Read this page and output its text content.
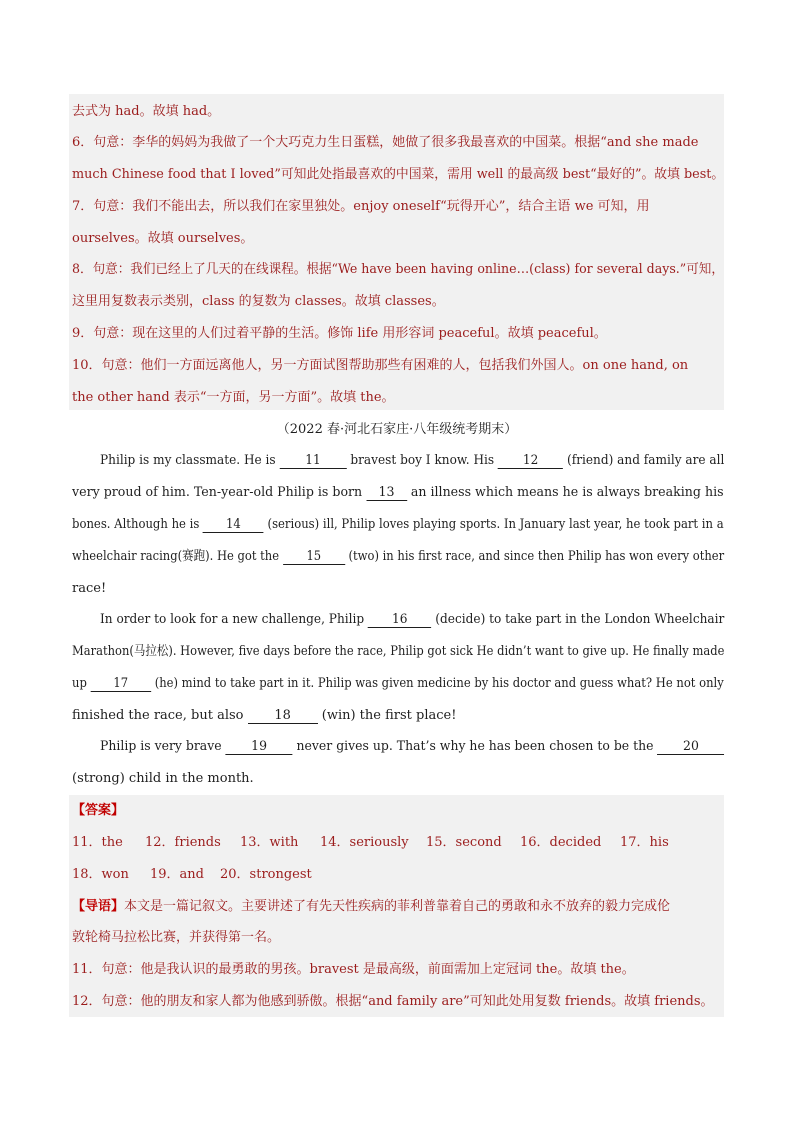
去式为 had。故填 had。
6．句意：李华的妈妈为我做了一个大巧克力生日蛋糕，她做了很多我最喜欢的中国菜。根据“and she made
much Chinese food that I loved”可知此处指最喜欢的中国菜，需用 well 的最高级 best“最好的”。故填 best。
7．句意：我们不能出去，所以我们在家里独处。enjoy oneself“玩得开心”，结合主语 we 可知，用
ourselves。故填 ourselves。
8．句意：我们已经上了几天的在线课程。根据“We have been having online…(class) for several days.”可知，
这里用复数表示类别，class 的复数为 classes。故填 classes。
9．句意：现在这里的人们过着平静的生活。修饰 life 用形容词 peaceful。故填 peaceful。
10．句意：他们一方面远离他人，另一方面试图帮助那些有困难的人，包括我们外国人。on one hand, on
the other hand 表示“一方面，另一方面”。故填 the。
（2022 春·河北石家庄·八年级统考期末）
Philip is my classmate. He is 11 bravest boy I know. His 12 (friend) and family are all
very proud of him. Ten-year-old Philip is born 13 an illness which means he is always breaking his
bones. Although he is 14 (serious) ill, Philip loves playing sports. In January last year, he took part in a
wheelchair racing(赛跑). He got the 15 (two) in his first race, and since then Philip has won every other
race!
In order to look for a new challenge, Philip 16 (decide) to take part in the London Wheelchair
Marathon(马拉松). However, five days before the race, Philip got sick He didn’t want to give up. He finally made
up 17 (he) mind to take part in it. Philip was given medicine by his doctor and guess what? He not only
finished the race, but also 18 (win) the first place!
Philip is very brave 19 never gives up. That’s why he has been chosen to be the 20
(strong) child in the month.
【答案】
11．the 12．friends 13．with 14．seriously 15．second 16．decided 17．his
18．won 19．and 20．strongest
【导语】本文是一篇记叙文。主要讲述了有先天性疾病的菲利普靠着自己的勇敢和永不放弃的毅力完成伦
敦轮椅马拉松比赛，并获得第一名。
11．句意：他是我认识的最勇敢的男孩。bravest 是最高级，前面需加上定冠词 the。故填 the。
12．句意：他的朋友和家人都为他感到骄傲。根据“and family are”可知此处用复数 friends。故填 friends。
